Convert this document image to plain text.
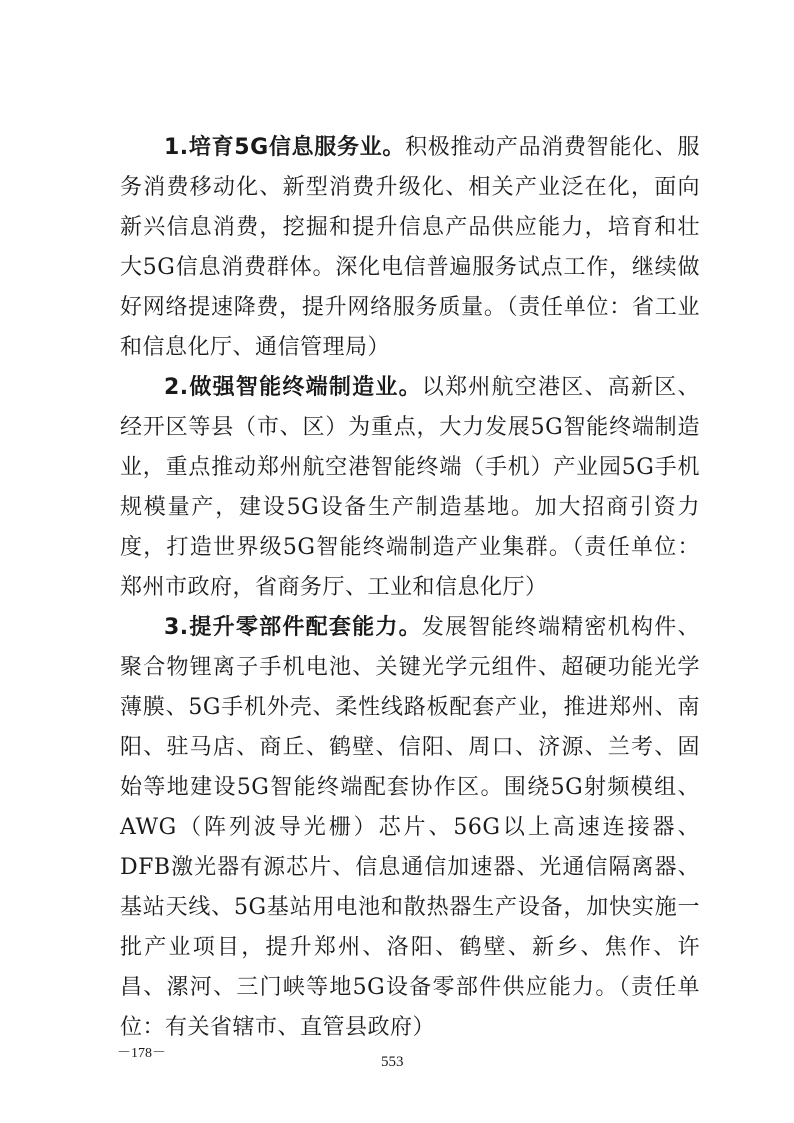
1.培育5G信息服务业。积极推动产品消费智能化、服务消费移动化、新型消费升级化、相关产业泛在化，面向新兴信息消费，挖掘和提升信息产品供应能力，培育和壮大5G信息消费群体。深化电信普遍服务试点工作，继续做好网络提速降费，提升网络服务质量。（责任单位：省工业和信息化厅、通信管理局）

2.做强智能终端制造业。以郑州航空港区、高新区、经开区等县（市、区）为重点，大力发展5G智能终端制造业，重点推动郑州航空港智能终端（手机）产业园5G手机规模量产，建设5G设备生产制造基地。加大招商引资力度，打造世界级5G智能终端制造产业集群。（责任单位：郑州市政府，省商务厅、工业和信息化厅）

3.提升零部件配套能力。发展智能终端精密机构件、聚合物锂离子手机电池、关键光学元组件、超硬功能光学薄膜、5G手机外壳、柔性线路板配套产业，推进郑州、南阳、驻马店、商丘、鹤壁、信阳、周口、济源、兰考、固始等地建设5G智能终端配套协作区。围绕5G射频模组、AWG（阵列波导光栅）芯片、56G以上高速连接器、DFB激光器有源芯片、信息通信加速器、光通信隔离器、基站天线、5G基站用电池和散热器生产设备，加快实施一批产业项目，提升郑州、洛阳、鹤壁、新乡、焦作、许昌、漯河、三门峡等地5G设备零部件供应能力。（责任单位：有关省辖市、直管县政府）

－178－
553
